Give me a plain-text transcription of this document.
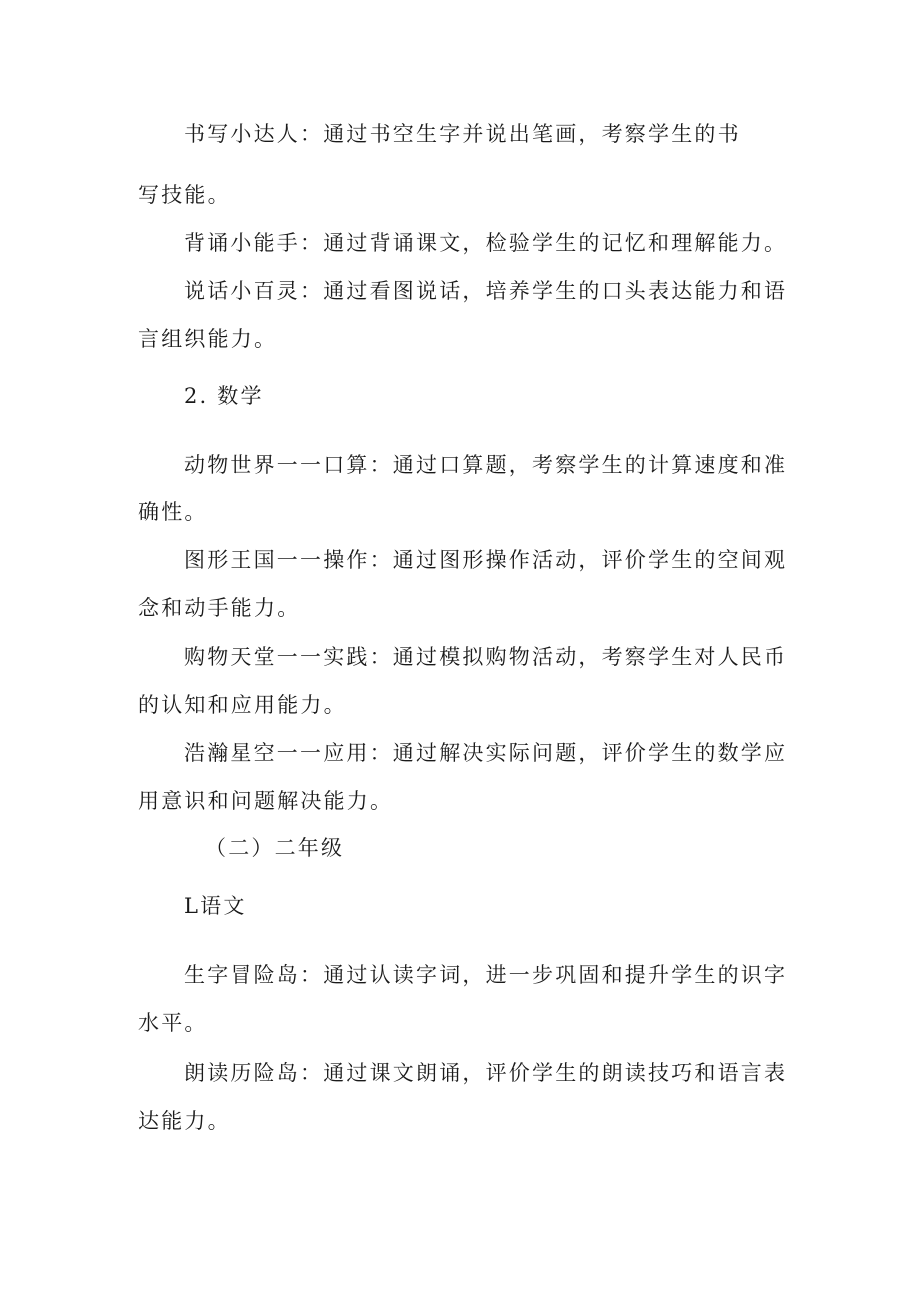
书写小达人：通过书空生字并说出笔画，考察学生的书
写技能。
背诵小能手：通过背诵课文，检验学生的记忆和理解能力。
说话小百灵：通过看图说话，培养学生的口头表达能力和语
言组织能力。
2. 数学
动物世界一一口算：通过口算题，考察学生的计算速度和准
确性。
图形王国一一操作：通过图形操作活动，评价学生的空间观
念和动手能力。
购物天堂一一实践：通过模拟购物活动，考察学生对人民币
的认知和应用能力。
浩瀚星空一一应用：通过解决实际问题，评价学生的数学应
用意识和问题解决能力。
（二）二年级
L语文
生字冒险岛：通过认读字词，进一步巩固和提升学生的识字
水平。
朗读历险岛：通过课文朗诵，评价学生的朗读技巧和语言表
达能力。
